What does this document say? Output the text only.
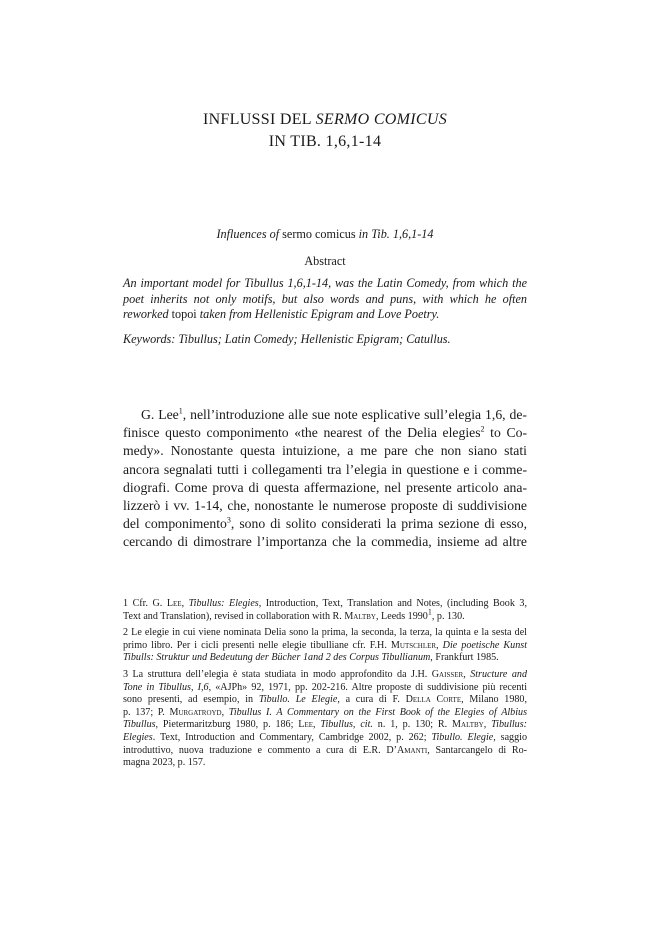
INFLUSSI DEL SERMO COMICUS
IN TIB. 1,6,1-14
Influences of sermo comicus in Tib. 1,6,1-14
Abstract
An important model for Tibullus 1,6,1-14, was the Latin Comedy, from which the poet inherits not only motifs, but also words and puns, with which he often reworked topoi taken from Hellenistic Epigram and Love Poetry.
Keywords: Tibullus; Latin Comedy; Hellenistic Epigram; Catullus.
G. Lee$^1$, nell’introduzione alle sue note esplicative sull’elegia 1,6, de-
finisce questo componimento «the nearest of the Delia elegies$^2$ to Co-
medy». Nonostante questa intuizione, a me pare che non siano stati
ancora segnalati tutti i collegamenti tra l’elegia in questione e i comme-
diografi. Come prova di questa affermazione, nel presente articolo ana-
lizzerò i vv. 1-14, che, nonostante le numerose proposte di suddivisione
del componimento$^3$, sono di solito considerati la prima sezione di esso,
cercando di dimostrare l’importanza che la commedia, insieme ad altre
1 Cfr. G. Lee, Tibullus: Elegies, Introduction, Text, Translation and Notes, (including Book 3,
Text and Translation), revised in collaboration with R. Maltby, Leeds 1990$^1$, p. 130.
2 Le elegie in cui viene nominata Delia sono la prima, la seconda, la terza, la quinta e la sesta del
primo libro. Per i cicli presenti nelle elegie tibulliane cfr. F.H. Mutschler, Die poetische Kunst
Tibulls: Struktur und Bedeutung der Bücher 1and 2 des Corpus Tibullianum, Frankfurt 1985.
3 La struttura dell’elegia è stata studiata in modo approfondito da J.H. Gaisser, Structure and
Tone in Tibullus, I,6, «AJPh» 92, 1971, pp. 202-216. Altre proposte di suddivisione più recenti
sono presenti, ad esempio, in Tibullo. Le Elegie, a cura di F. Della Corte, Milano 1980,
p. 137; P. Murgatroyd, Tibullus I. A Commentary on the First Book of the Elegies of Albius
Tibullus, Pietermaritzburg 1980, p. 186; Lee, Tibullus, cit. n. 1, p. 130; R. Maltby, Tibullus:
Elegies. Text, Introduction and Commentary, Cambridge 2002, p. 262; Tibullo. Elegie, saggio
introduttivo, nuova traduzione e commento a cura di E.R. D’Amanti, Santarcangelo di Ro-
magna 2023, p. 157.
